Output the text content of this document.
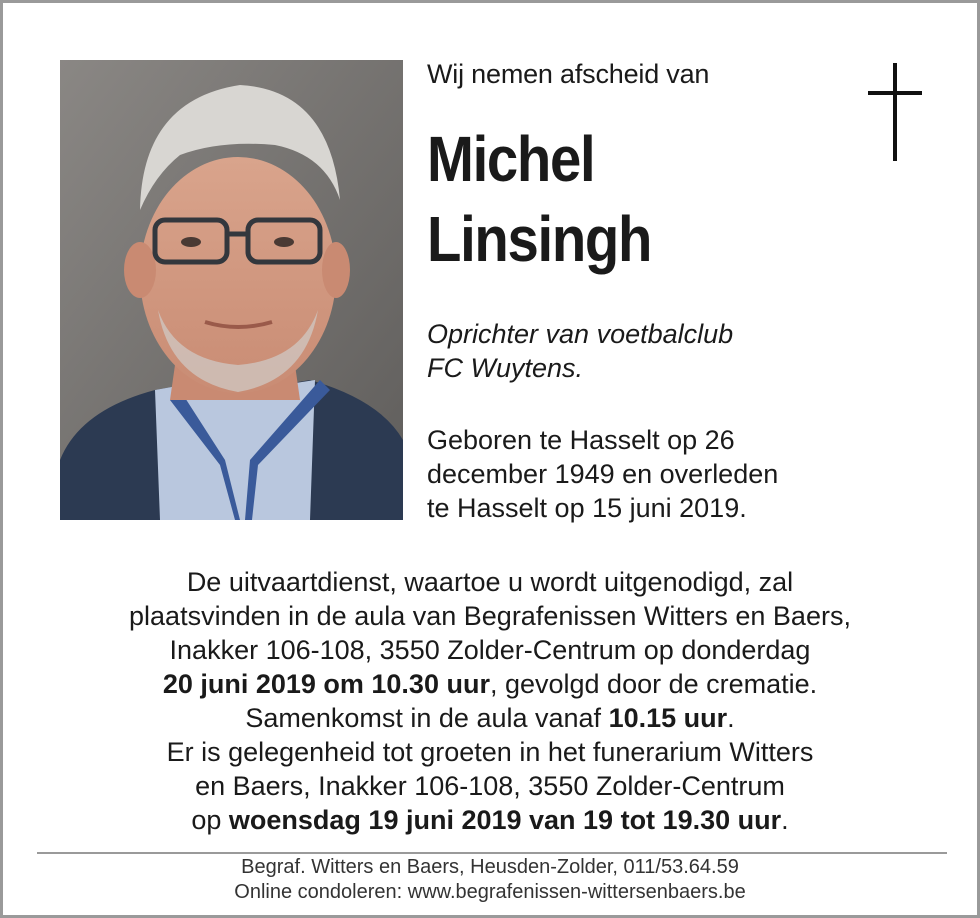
Wij nemen afscheid van
Michel
Linsingh
Oprichter van voetbalclub
FC Wuytens.
Geboren te Hasselt op 26
december 1949 en overleden
te Hasselt op 15 juni 2019.
De uitvaartdienst, waartoe u wordt uitgenodigd, zal
plaatsvinden in de aula van Begrafenissen Witters en Baers,
Inakker 106-108, 3550 Zolder-Centrum op donderdag
20 juni 2019 om 10.30 uur, gevolgd door de crematie.
Samenkomst in de aula vanaf 10.15 uur.
Er is gelegenheid tot groeten in het funerarium Witters
en Baers, Inakker 106-108, 3550 Zolder-Centrum
op woensdag 19 juni 2019 van 19 tot 19.30 uur.
Begraf. Witters en Baers, Heusden-Zolder, 011/53.64.59
Online condoleren: www.begrafenissen-wittersenbaers.be
